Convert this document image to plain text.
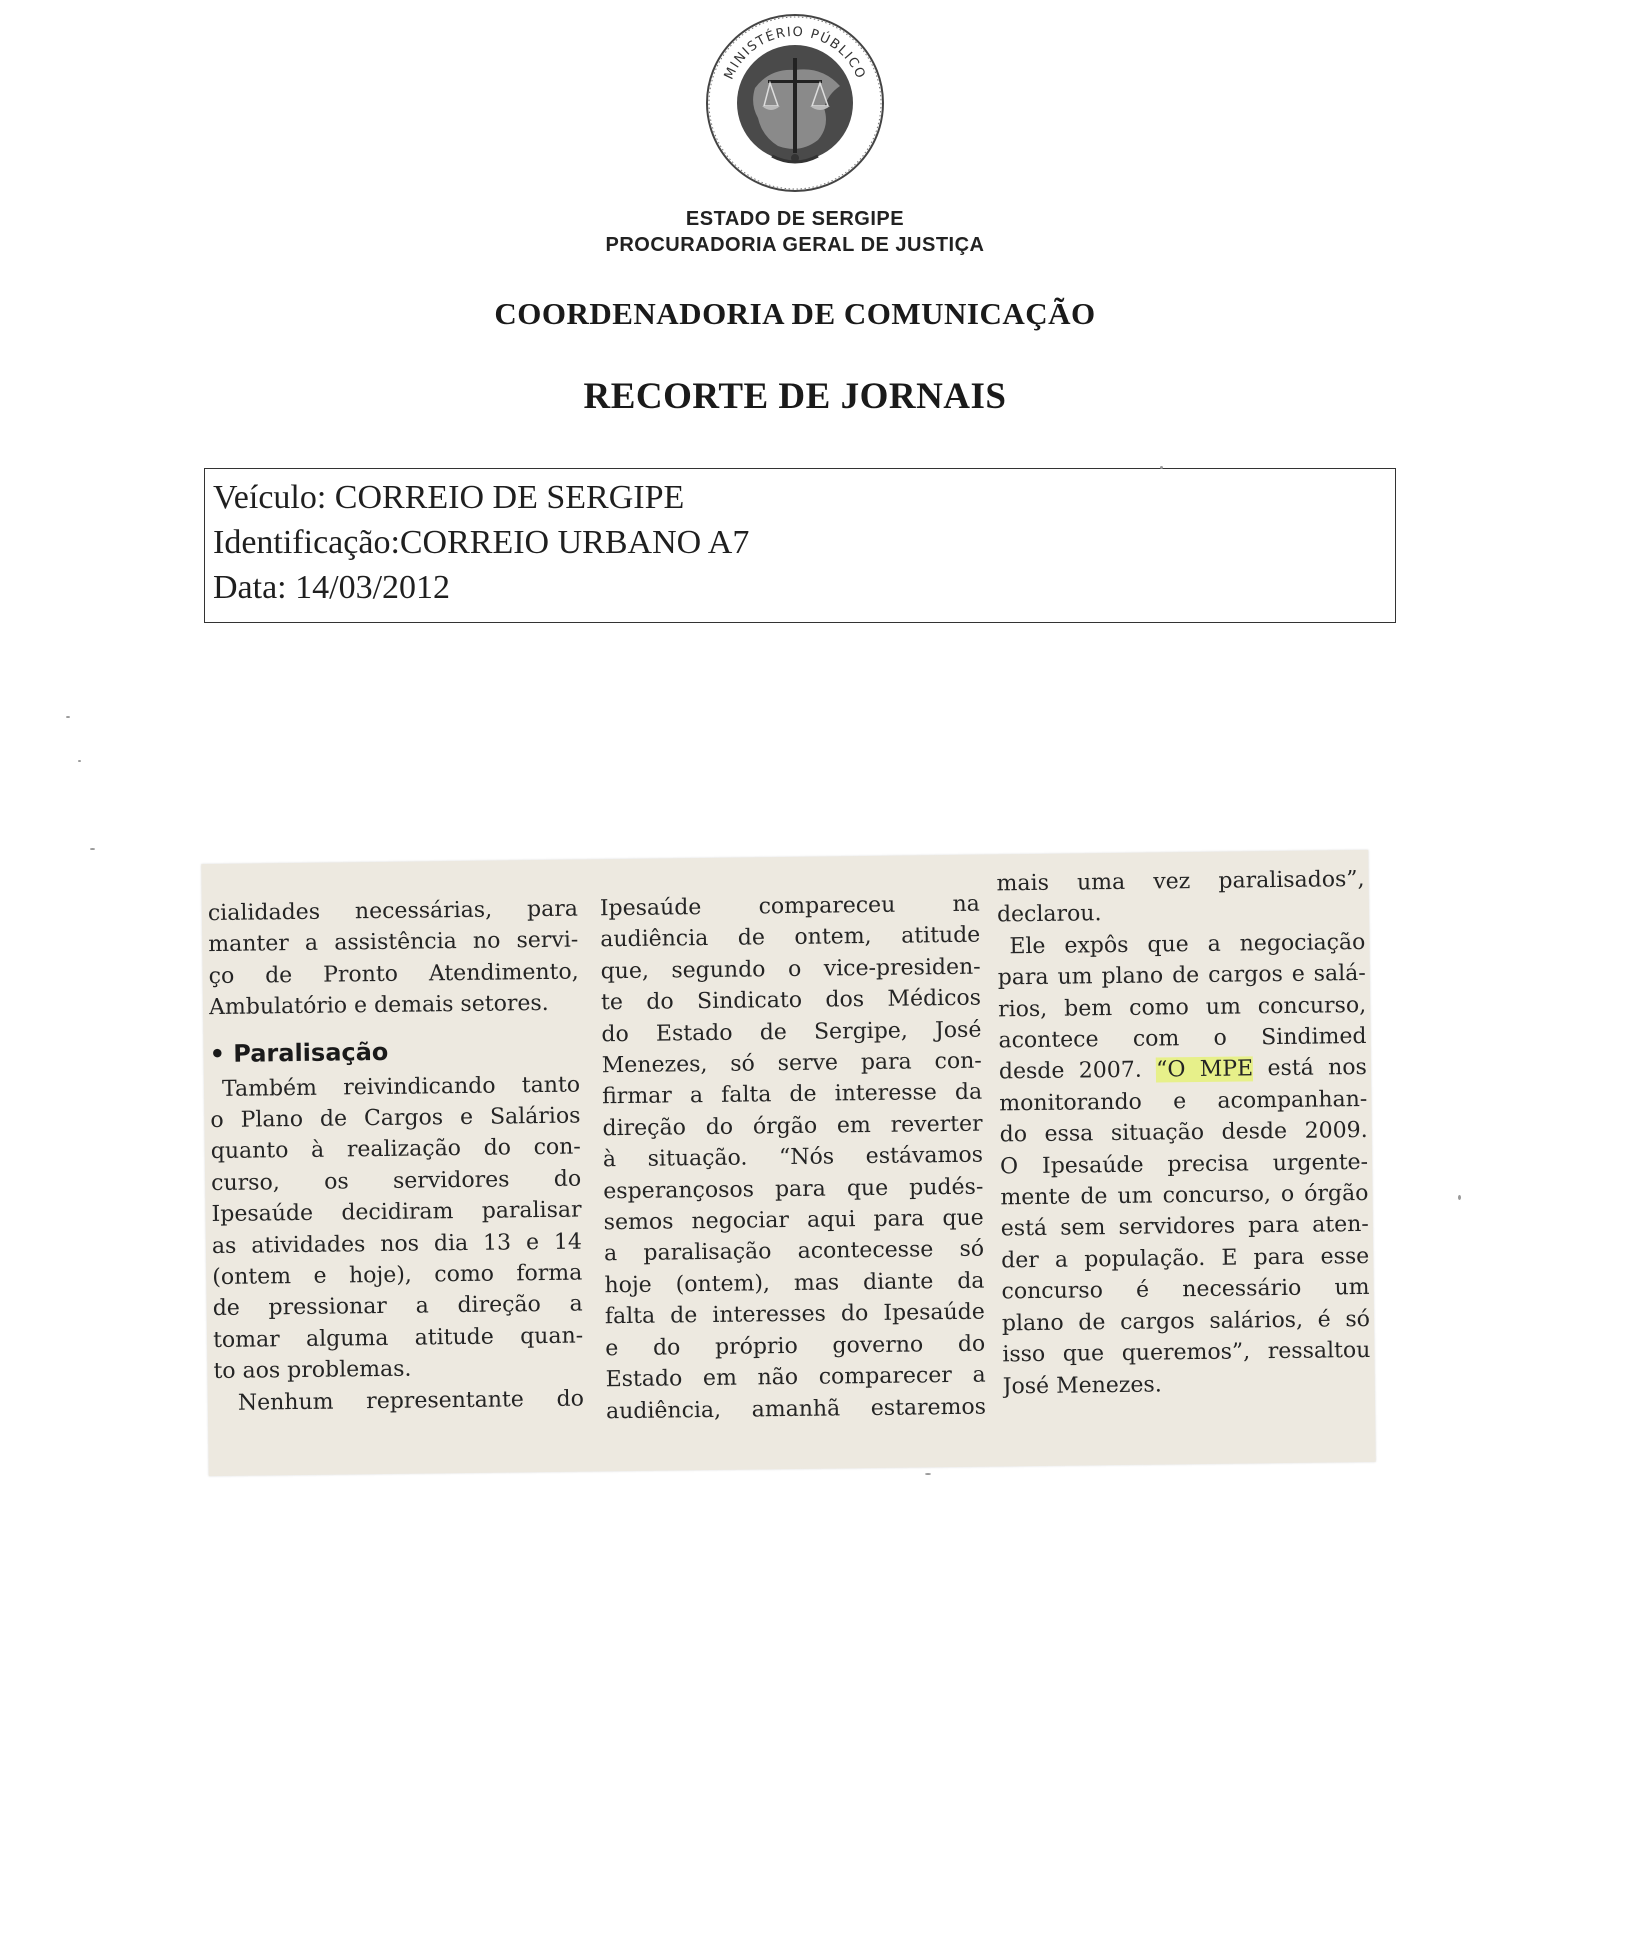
MINISTÉRIO PÚBLICO
ESTADO DE SERGIPE
PROCURADORIA GERAL DE JUSTIÇA
COORDENADORIA DE COMUNICAÇÃO
RECORTE DE JORNAIS
Veículo: CORREIO DE SERGIPE
Identificação:CORREIO URBANO A7
Data: 14/03/2012
cialidades necessárias, para
manter a assistência no servi-
ço de Pronto Atendimento,
Ambulatório e demais setores.
• Paralisação
Também reivindicando tanto
o Plano de Cargos e Salários
quanto à realização do con-
curso, os servidores do
Ipesaúde decidiram paralisar
as atividades nos dia 13 e 14
(ontem e hoje), como forma
de pressionar a direção a
tomar alguma atitude quan-
to aos problemas.
Nenhum representante do
Ipesaúde compareceu na
audiência de ontem, atitude
que, segundo o vice-presiden-
te do Sindicato dos Médicos
do Estado de Sergipe, José
Menezes, só serve para con-
firmar a falta de interesse da
direção do órgão em reverter
à situação. “Nós estávamos
esperançosos para que pudés-
semos negociar aqui para que
a paralisação acontecesse só
hoje (ontem), mas diante da
falta de interesses do Ipesaúde
e do próprio governo do
Estado em não comparecer a
audiência, amanhã estaremos
mais uma vez paralisados”,
declarou.
Ele expôs que a negociação
para um plano de cargos e salá-
rios, bem como um concurso,
acontece com o Sindimed
desde 2007. “O MPE está nos
monitorando e acompanhan-
do essa situação desde 2009.
O Ipesaúde precisa urgente-
mente de um concurso, o órgão
está sem servidores para aten-
der a população. E para esse
concurso é necessário um
plano de cargos salários, é só
isso que queremos”, ressaltou
José Menezes.
